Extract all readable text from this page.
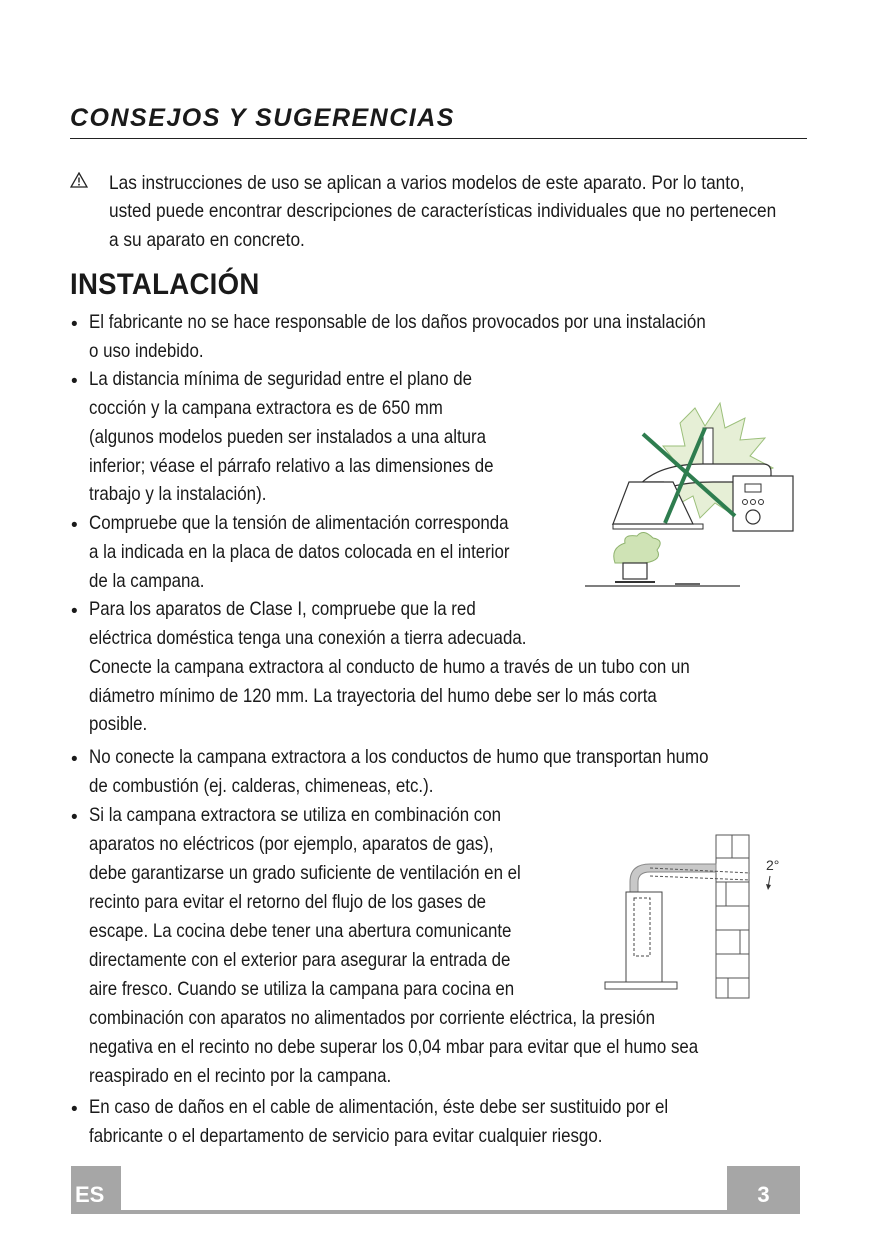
CONSEJOS Y SUGERENCIAS
Las instrucciones de uso se aplican a varios modelos de este aparato. Por lo tanto, usted puede encontrar descripciones de características individuales que no pertenecen a su aparato en concreto.
INSTALACIÓN
•
•
•
•
•
•
•
El fabricante no se hace responsable de los daños provocados por una instalación
o uso indebido.
La distancia mínima de seguridad entre el plano de
cocción y la campana extractora es de 650 mm
(algunos modelos pueden ser instalados a una altura
inferior; véase el párrafo relativo a las dimensiones de
trabajo y la instalación).
Compruebe que la tensión de alimentación corresponda
a la indicada en la placa de datos colocada en el interior
de la campana.
Para los aparatos de Clase I, compruebe que la red
eléctrica doméstica tenga una conexión a tierra adecuada.
Conecte la campana extractora al conducto de humo a través de un tubo con un
diámetro mínimo de 120 mm. La trayectoria del humo debe ser lo más corta
posible.
No conecte la campana extractora a los conductos de humo que transportan humo
de combustión (ej. calderas, chimeneas, etc.).
Si la campana extractora se utiliza en combinación con
aparatos no eléctricos (por ejemplo, aparatos de gas),
debe garantizarse un grado suficiente de ventilación en el
recinto para evitar el retorno del flujo de los gases de
escape. La cocina debe tener una abertura comunicante
directamente con el exterior para asegurar la entrada de
aire fresco. Cuando se utiliza la campana para cocina en
combinación con aparatos no alimentados por corriente eléctrica, la presión
negativa en el recinto no debe superar los 0,04 mbar para evitar que el humo sea
reaspirado en el recinto por la campana.
En caso de daños en el cable de alimentación, éste debe ser sustituido por el
fabricante o el departamento de servicio para evitar cualquier riesgo.
2°
ES	3
